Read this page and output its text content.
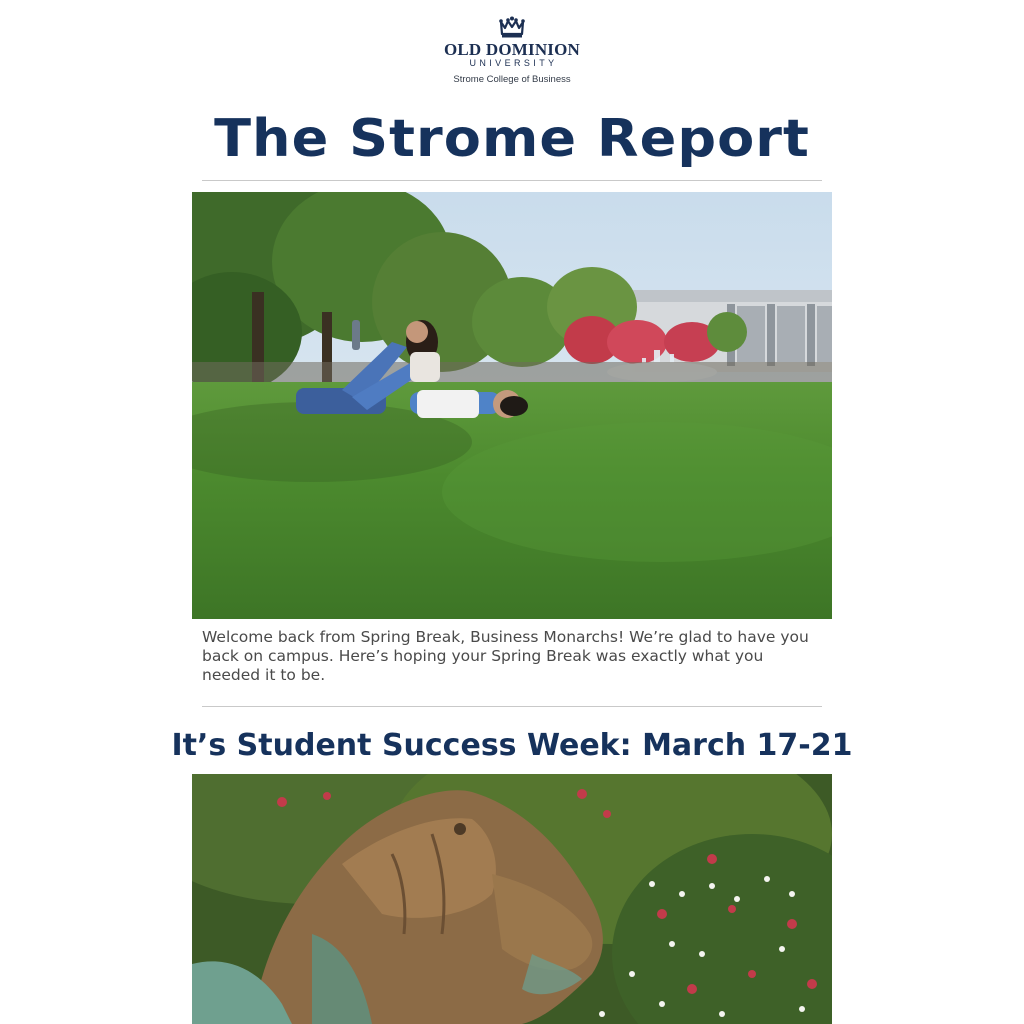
OLD DOMINION
UNIVERSITY
Strome College of Business
The Strome Report
Welcome back from Spring Break, Business Monarchs! We’re glad to have you back on campus. Here’s hoping your Spring Break was exactly what you needed it to be.
It’s Student Success Week: March 17-21
